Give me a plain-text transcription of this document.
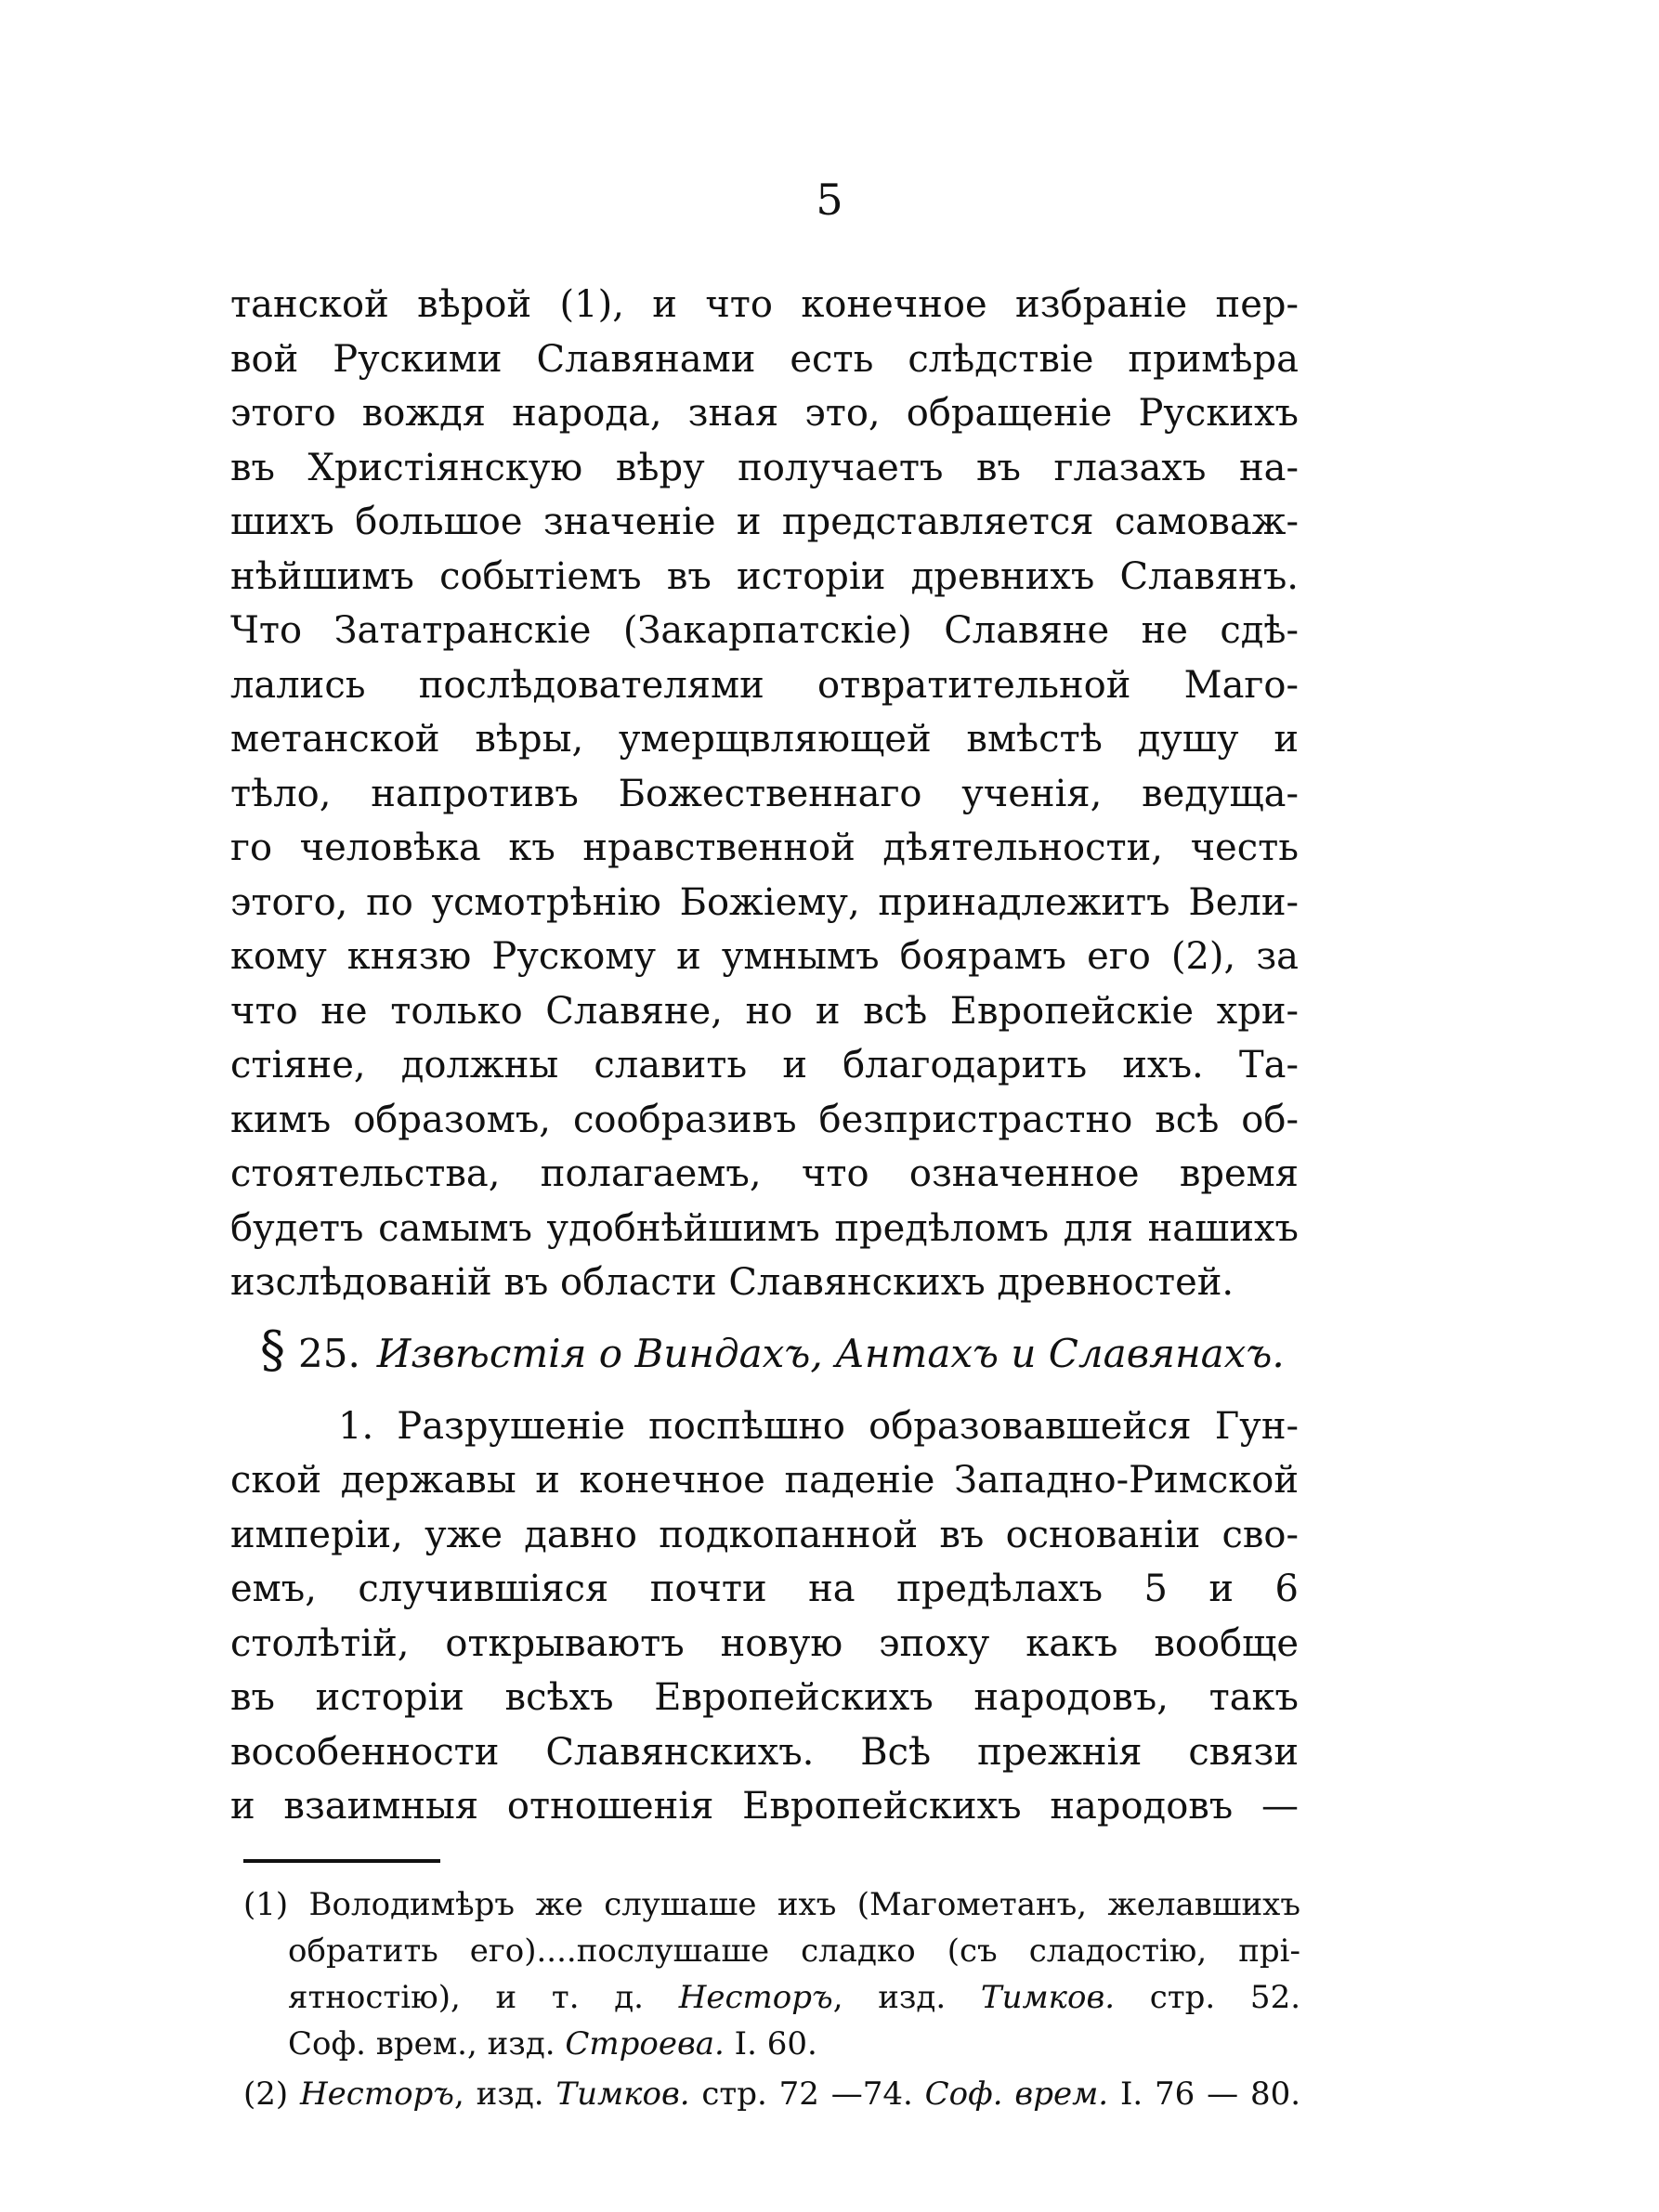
5
танской вѣрой (1), и что конечное избраніе пер-
вой Рускими Славянами есть слѣдствіе примѣра
этого вождя народа, зная это, обращеніе Рускихъ
въ Христіянскую вѣру получаетъ въ глазахъ на-
шихъ большое значеніе и представляется самоваж-
нѣйшимъ событіемъ въ исторіи древнихъ Славянъ.
Что Зататранскіе (Закарпатскіе) Славяне не сдѣ-
лались послѣдователями отвратительной Маго-
метанской вѣры, умерщвляющей вмѣстѣ душу и
тѣло, напротивъ Божественнаго ученія, ведуща-
го человѣка къ нравственной дѣятельности, честь
этого, по усмотрѣнію Божіему, принадлежитъ Вели-
кому князю Рускому и умнымъ боярамъ его (2), за
что не только Славяне, но и всѣ Европейскіе хри-
стіяне, должны славить и благодарить ихъ. Та-
кимъ образомъ, сообразивъ безпристрастно всѣ об-
стоятельства, полагаемъ, что означенное время
будетъ самымъ удобнѣйшимъ предѣломъ для нашихъ
изслѣдованій въ области Славянскихъ древностей.
§ 25. Извѣстія о Виндахъ, Антахъ и Славянахъ.
1. Разрушеніе поспѣшно образовавшейся Гун-
ской державы и конечное паденіе Западно-Римской
имперіи, уже давно подкопанной въ основаніи сво-
емъ, случившіяся почти на предѣлахъ 5 и 6
столѣтій, открываютъ новую эпоху какъ вообще
въ исторіи всѣхъ Европейскихъ народовъ, такъ
вособенности Славянскихъ. Всѣ прежнія связи
и взаимныя отношенія Европейскихъ народовъ —
(1) Володимѣръ же слушаше ихъ (Магометанъ, желавшихъ
обратить его)....послушаше сладко (съ сладостію, прі-
ятностію), и т. д. Несторъ, изд. Тимков. стр. 52.
Соф. врем., изд. Строева. I. 60.
(2) Несторъ, изд. Тимков. стр. 72 —74. Соф. врем. I. 76 — 80.
